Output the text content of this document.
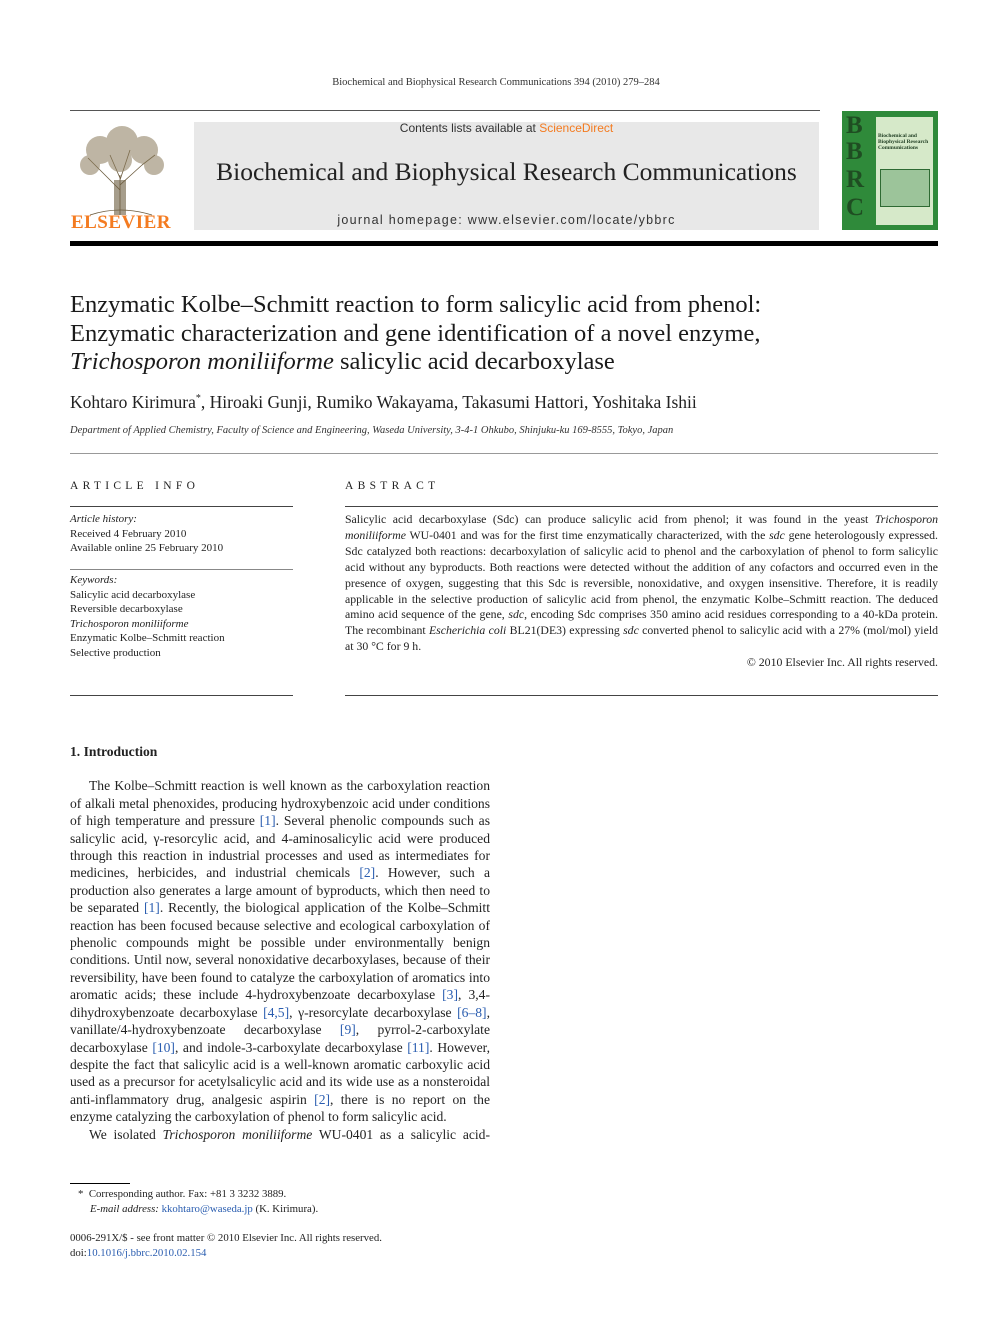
Biochemical and Biophysical Research Communications 394 (2010) 279–284
ELSEVIER
Contents lists available at ScienceDirect
Biochemical and Biophysical Research Communications
journal homepage: www.elsevier.com/locate/ybbrc
B
B
R
C
Biochemical and Biophysical Research Communications
Enzymatic Kolbe–Schmitt reaction to form salicylic acid from phenol:
Enzymatic characterization and gene identification of a novel enzyme,
Trichosporon moniliiforme salicylic acid decarboxylase
Kohtaro Kirimura*, Hiroaki Gunji, Rumiko Wakayama, Takasumi Hattori, Yoshitaka Ishii
Department of Applied Chemistry, Faculty of Science and Engineering, Waseda University, 3-4-1 Ohkubo, Shinjuku-ku 169-8555, Tokyo, Japan
ARTICLE INFO
Article history:
Received 4 February 2010
Available online 25 February 2010
Keywords:
Salicylic acid decarboxylase
Reversible decarboxylase
Trichosporon moniliiforme
Enzymatic Kolbe–Schmitt reaction
Selective production
ABSTRACT

Salicylic acid decarboxylase (Sdc) can produce salicylic acid from phenol; it was found in the yeast Trichosporon moniliiforme WU-0401 and was for the first time enzymatically characterized, with the sdc gene heterologously expressed. Sdc catalyzed both reactions: decarboxylation of salicylic acid to phenol and the carboxylation of phenol to form salicylic acid without any byproducts. Both reactions were detected without the addition of any cofactors and occurred even in the presence of oxygen, suggesting that this Sdc is reversible, nonoxidative, and oxygen insensitive. Therefore, it is readily applicable in the selective production of salicylic acid from phenol, the enzymatic Kolbe–Schmitt reaction. The deduced amino acid sequence of the gene, sdc, encoding Sdc comprises 350 amino acid residues corresponding to a 40-kDa protein. The recombinant Escherichia coli BL21(DE3) expressing sdc converted phenol to salicylic acid with a 27% (mol/mol) yield at 30 °C for 9 h.

© 2010 Elsevier Inc. All rights reserved.

1. Introduction

The Kolbe–Schmitt reaction is well known as the carboxylation reaction of alkali metal phenoxides, producing hydroxybenzoic acid under conditions of high temperature and pressure [1]. Several phenolic compounds such as salicylic acid, γ-resorcylic acid, and 4-aminosalicylic acid were produced through this reaction in industrial processes and used as intermediates for medicines, herbicides, and industrial chemicals [2]. However, such a production also generates a large amount of byproducts, which then need to be separated [1]. Recently, the biological application of the Kolbe–Schmitt reaction has been focused because selective and ecological carboxylation of phenolic compounds might be possible under environmentally benign conditions. Until now, several nonoxidative decarboxylases, because of their reversibility, have been found to catalyze the carboxylation of aromatics into aromatic acids; these include 4-hydroxybenzoate decarboxylase [3], 3,4-dihydroxybenzoate decarboxylase [4,5], γ-resorcylate decarboxylase [6–8], vanillate/4-hydroxybenzoate decarboxylase [9], pyrrol-2-carboxylate decarboxylase [10], and indole-3-carboxylate decarboxylase [11]. However, despite the fact that salicylic acid is a well-known aromatic carboxylic acid used as a precursor for acetylsalicylic acid and its wide use as a nonsteroidal anti-inflammatory drug, analgesic aspirin [2], there is no report on the enzyme catalyzing the carboxylation of phenol to form salicylic acid.

We isolated Trichosporon moniliiforme WU-0401 as a salicylic acid-

* Corresponding author. Fax: +81 3 3232 3889.
E-mail address: kkohtaro@waseda.jp (K. Kirimura).
0006-291X/$ - see front matter © 2010 Elsevier Inc. All rights reserved.
doi:10.1016/j.bbrc.2010.02.154
